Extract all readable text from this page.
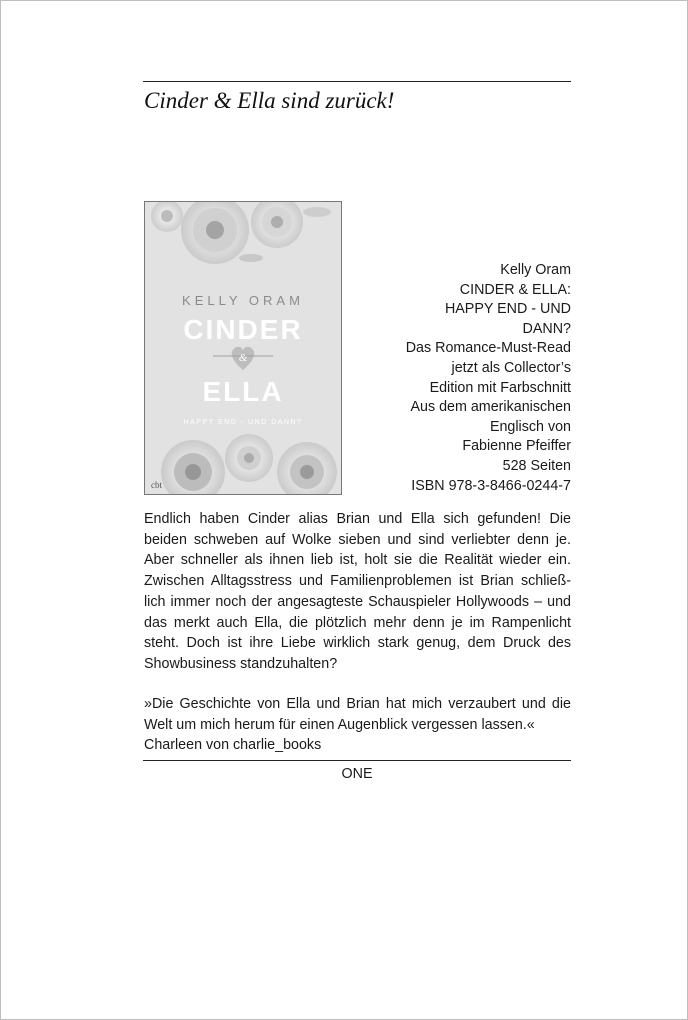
Cinder & Ella sind zurück!
KELLY ORAM
CINDER
&
ELLA
HAPPY END - UND DANN?
cbt
Kelly Oram
CINDER & ELLA:
HAPPY END - UND
DANN?
Das Romance-Must-Read
jetzt als Collector’s
Edition mit Farbschnitt
Aus dem amerikanischen
Englisch von
Fabienne Pfeiffer
528 Seiten
ISBN 978-3-8466-0244-7
Endlich haben Cinder alias Brian und Ella sich gefunden! Die
beiden schweben auf Wolke sieben und sind verliebter denn je.
Aber schneller als ihnen lieb ist, holt sie die Realität wieder ein.
Zwischen Alltagsstress und Familienproblemen ist Brian schließ-
lich immer noch der angesagteste Schauspieler Hollywoods – und
das merkt auch Ella, die plötzlich mehr denn je im Rampenlicht
steht. Doch ist ihre Liebe wirklich stark genug, dem Druck des
Showbusiness standzuhalten?
»Die Geschichte von Ella und Brian hat mich verzaubert und die
Welt um mich herum für einen Augenblick vergessen lassen.«
Charleen von charlie_books
ONE
